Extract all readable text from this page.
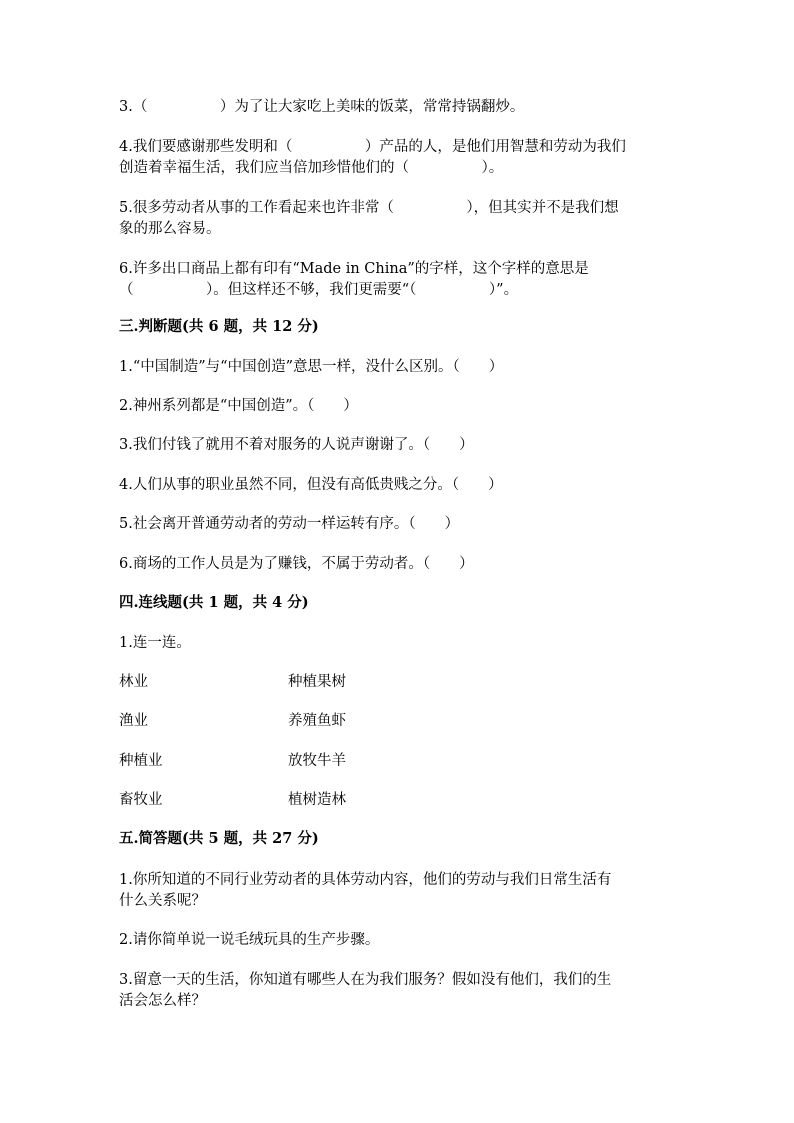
3.（　　　　　）为了让大家吃上美味的饭菜，常常持锅翻炒。
4.我们要感谢那些发明和（　　　　　）产品的人，是他们用智慧和劳动为我们
创造着幸福生活，我们应当倍加珍惜他们的（　　　　　）。
5.很多劳动者从事的工作看起来也许非常（　　　　　），但其实并不是我们想
象的那么容易。
6.许多出口商品上都有印有“Made in China”的字样，这个字样的意思是
（　　　　　）。但这样还不够，我们更需要“（　　　　　）”。
三.判断题(共 6 题，共 12 分)
1.“中国制造”与“中国创造”意思一样，没什么区别。（　　）
2.神州系列都是“中国创造”。（　　）
3.我们付钱了就用不着对服务的人说声谢谢了。（　　）
4.人们从事的职业虽然不同，但没有高低贵贱之分。（　　）
5.社会离开普通劳动者的劳动一样运转有序。（　　）
6.商场的工作人员是为了赚钱，不属于劳动者。（　　）
四.连线题(共 1 题，共 4 分)
1.连一连。
林业	种植果树
渔业	养殖鱼虾
种植业	放牧牛羊
畜牧业	植树造林
五.简答题(共 5 题，共 27 分)
1.你所知道的不同行业劳动者的具体劳动内容，他们的劳动与我们日常生活有
什么关系呢？
2.请你简单说一说毛绒玩具的生产步骤。
3.留意一天的生活，你知道有哪些人在为我们服务？假如没有他们，我们的生
活会怎么样？
